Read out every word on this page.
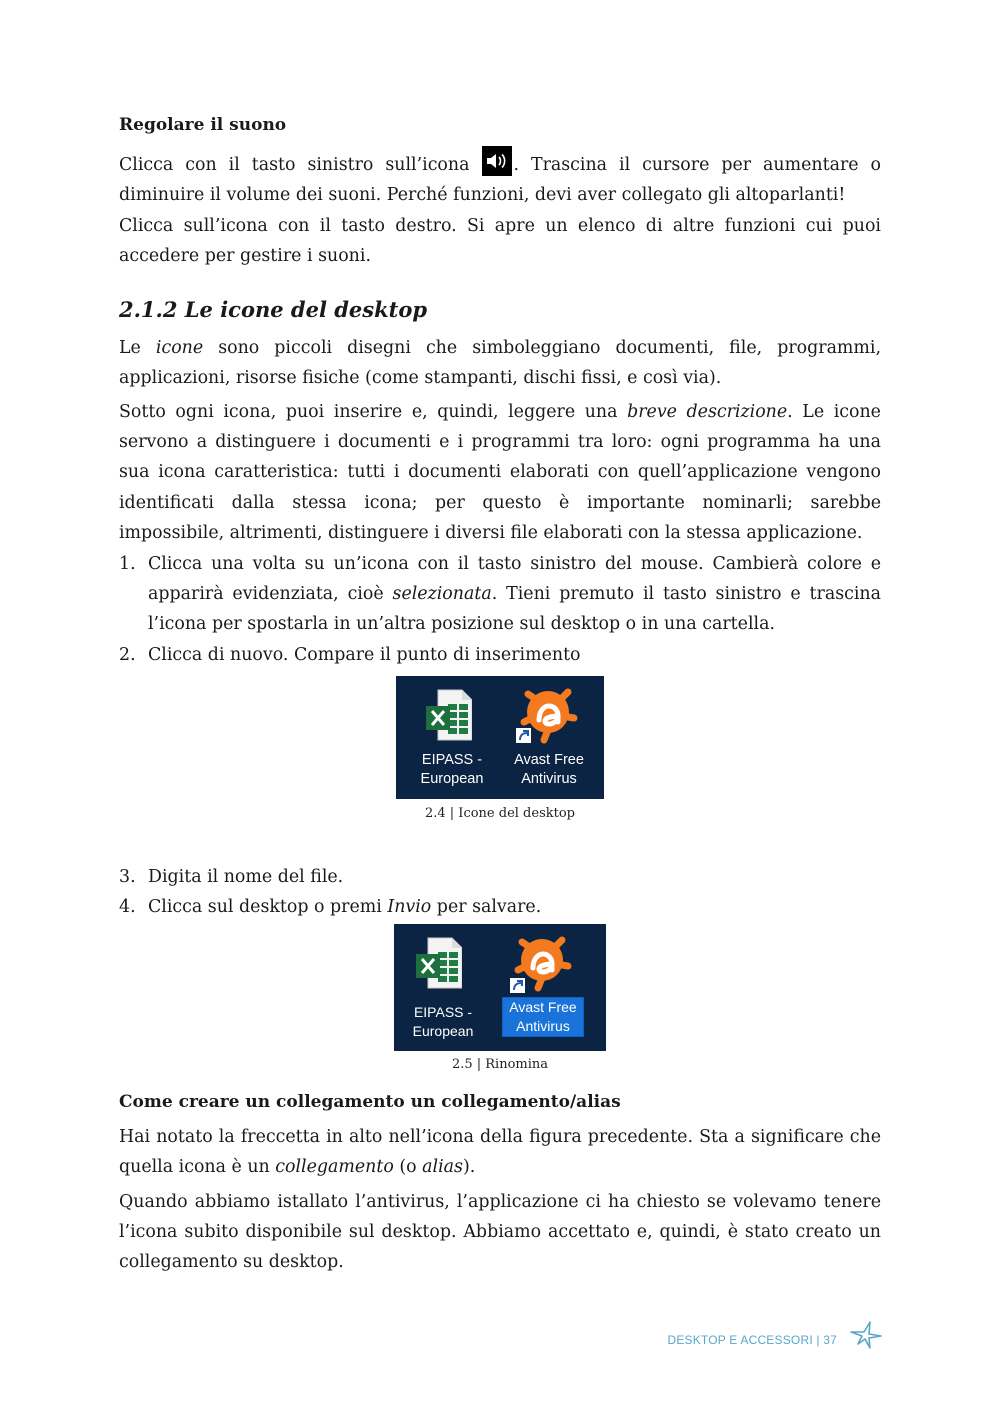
Regolare il suono

Clicca con il tasto sinistro sull’icona	. Trascina il cursore per aumentare o diminuire il volume dei suoni. Perché funzioni, devi aver collegato gli altoparlanti!

Clicca sull’icona con il tasto destro. Si apre un elenco di altre funzioni cui puoi accedere per gestire i suoni.

2.1.2 Le icone del desktop

Le icone sono piccoli disegni che simboleggiano documenti, file, programmi, applicazioni, risorse fisiche (come stampanti, dischi fissi, e così via).

Sotto ogni icona, puoi inserire e, quindi, leggere una breve descrizione. Le icone servono a distinguere i documenti e i programmi tra loro: ogni programma ha una sua icona caratteristica: tutti i documenti elaborati con quell’applicazione vengono identificati dalla stessa icona; per questo è importante nominarli; sarebbe impossibile, altrimenti, distinguere i diversi file elaborati con la stessa applicazione.

1. Clicca una volta su un’icona con il tasto sinistro del mouse. Cambierà colore e apparirà evidenziata, cioè selezionata. Tieni premuto il tasto sinistro e trascina l’icona per spostarla in un’altra posizione sul desktop o in una cartella.
2. Clicca di nuovo. Compare il punto di inserimento
EIPASS -
European
Avast Free
Antivirus
2.4 | Icone del desktop
3. Digita il nome del file.
4. Clicca sul desktop o premi Invio per salvare.
EIPASS -
European
Avast Free
Antivirus
2.5 | Rinomina
Come creare un collegamento un collegamento/alias

Hai notato la freccetta in alto nell’icona della figura precedente. Sta a significare che quella icona è un collegamento (o alias).

Quando abbiamo istallato l’antivirus, l’applicazione ci ha chiesto se volevamo tenere l’icona subito disponibile sul desktop. Abbiamo accettato e, quindi, è stato creato un collegamento su desktop.

DESKTOP E ACCESSORI | 37
